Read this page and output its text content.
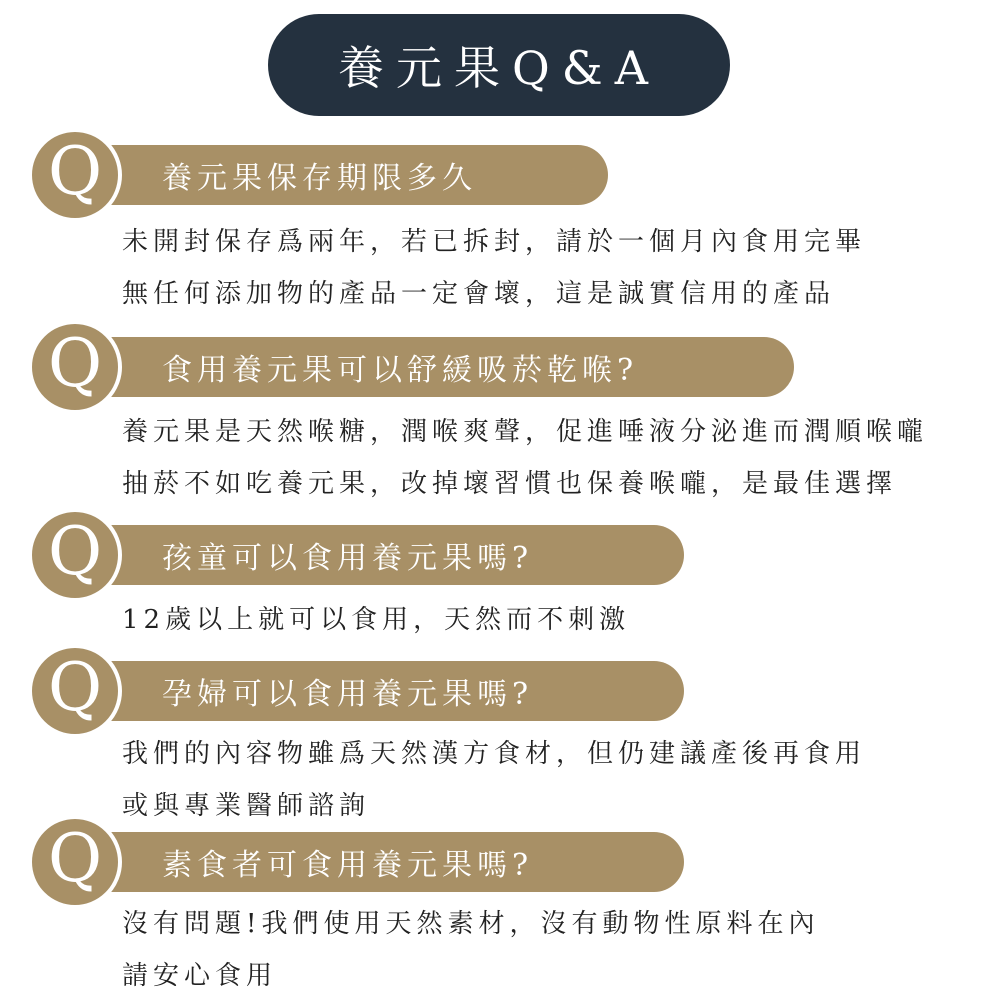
養元果Q&A
養元果保存期限多久
Q
未開封保存爲兩年，若已拆封，請於一個月內食用完畢
無任何添加物的產品一定會壞，這是誠實信用的產品
食用養元果可以舒緩吸菸乾喉?
Q
養元果是天然喉糖，潤喉爽聲，促進唾液分泌進而潤順喉嚨
抽菸不如吃養元果，改掉壞習慣也保養喉嚨，是最佳選擇
孩童可以食用養元果嗎?
Q
12歲以上就可以食用，天然而不刺激
孕婦可以食用養元果嗎?
Q
我們的內容物雖爲天然漢方食材，但仍建議產後再食用
或與專業醫師諮詢
素食者可食用養元果嗎?
Q
沒有問題!我們使用天然素材，沒有動物性原料在內
請安心食用
